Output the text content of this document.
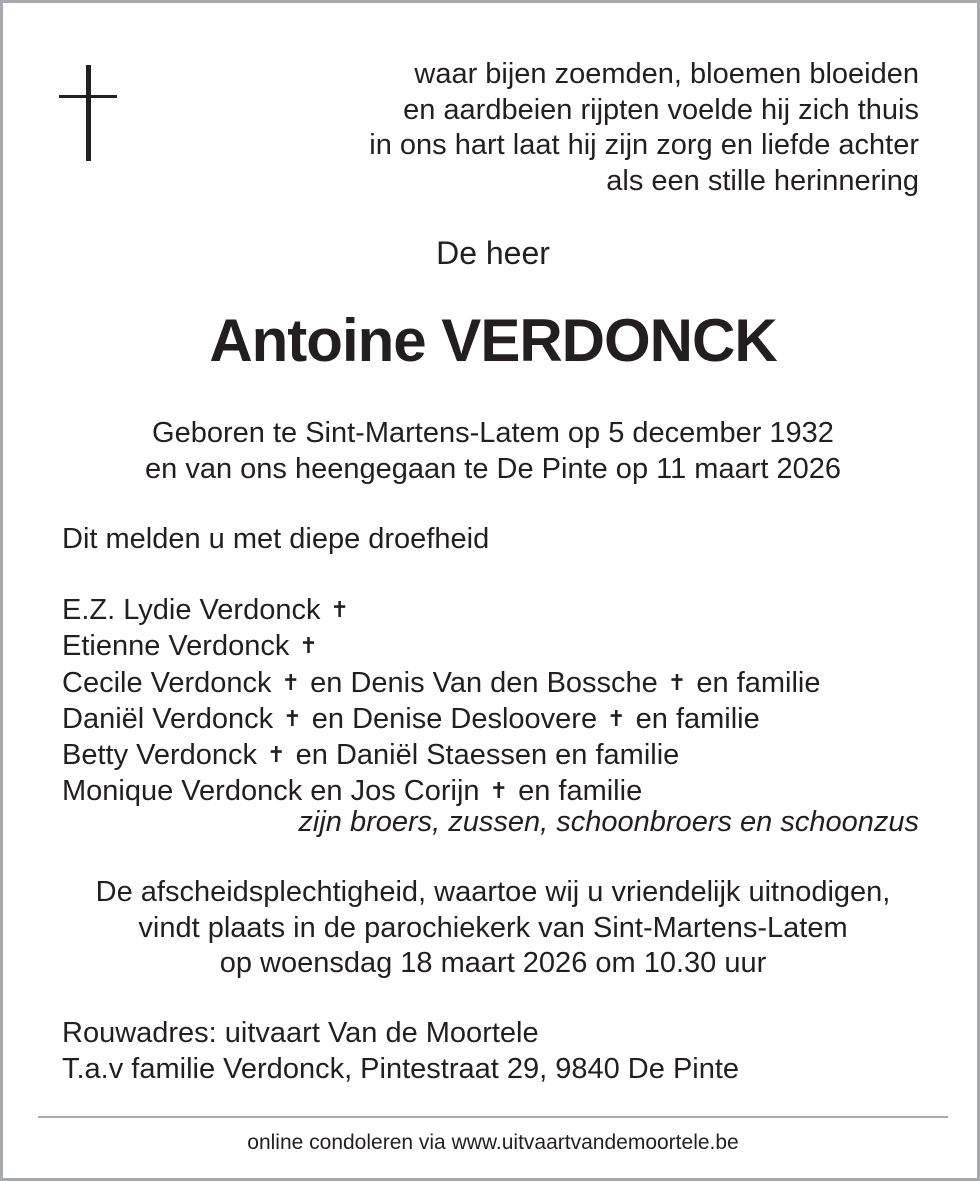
waar bijen zoemden, bloemen bloeiden
en aardbeien rijpten voelde hij zich thuis
in ons hart laat hij zijn zorg en liefde achter
als een stille herinnering
De heer
Antoine VERDONCK
Geboren te Sint-Martens-Latem op 5 december 1932
en van ons heengegaan te De Pinte op 11 maart 2026
Dit melden u met diepe droefheid
E.Z. Lydie Verdonck ✝
Etienne Verdonck ✝
Cecile Verdonck ✝ en Denis Van den Bossche ✝ en familie
Daniël Verdonck ✝ en Denise Desloovere ✝ en familie
Betty Verdonck ✝ en Daniël Staessen en familie
Monique Verdonck en Jos Corijn ✝ en familie
zijn broers, zussen, schoonbroers en schoonzus
De afscheidsplechtigheid, waartoe wij u vriendelijk uitnodigen,
vindt plaats in de parochiekerk van Sint-Martens-Latem
op woensdag 18 maart 2026 om 10.30 uur
Rouwadres: uitvaart Van de Moortele
T.a.v familie Verdonck, Pintestraat 29, 9840 De Pinte
online condoleren via www.uitvaartvandemoortele.be
